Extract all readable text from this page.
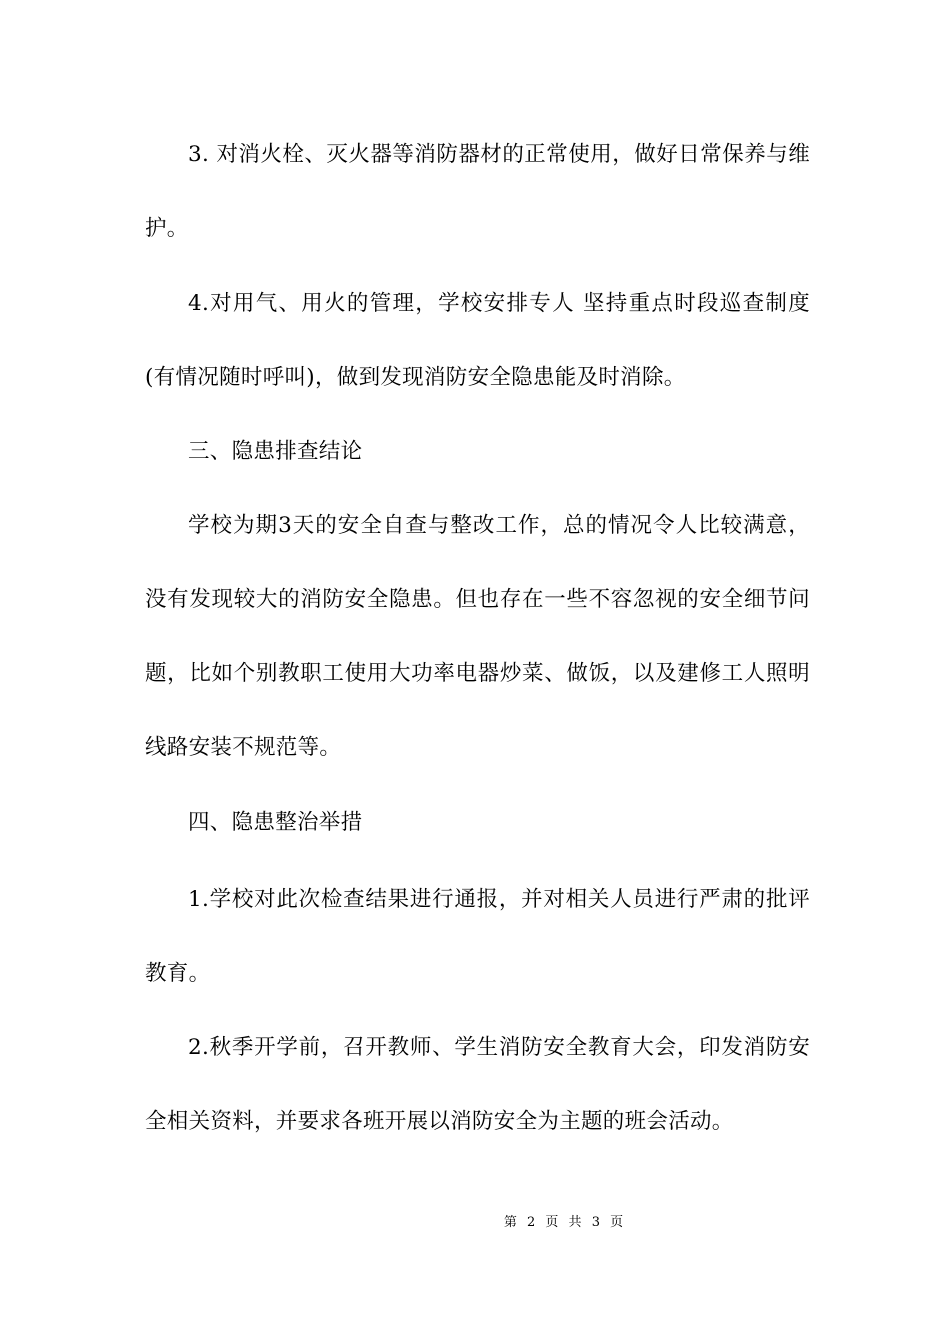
3. 对消火栓、灭火器等消防器材的正常使用，做好日常保养与维护。

4.对用气、用火的管理，学校安排专人 坚持重点时段巡查制度(有情况随时呼叫)，做到发现消防安全隐患能及时消除。

三、隐患排查结论

学校为期3天的安全自查与整改工作，总的情况令人比较满意，没有发现较大的消防安全隐患。但也存在一些不容忽视的安全细节问题，比如个别教职工使用大功率电器炒菜、做饭，以及建修工人照明线路安装不规范等。

四、隐患整治举措

1.学校对此次检查结果进行通报，并对相关人员进行严肃的批评教育。

2.秋季开学前，召开教师、学生消防安全教育大会，印发消防安全相关资料，并要求各班开展以消防安全为主题的班会活动。

第 2 页 共 3 页
